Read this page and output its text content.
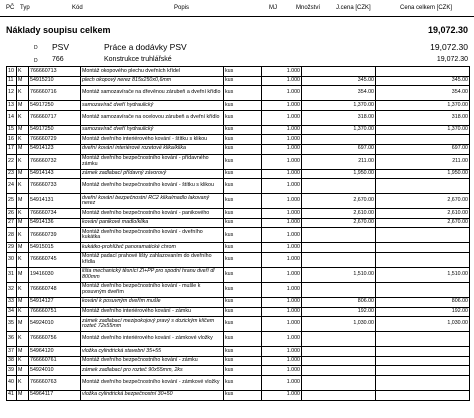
PČ Typ	Kód	Popis	MJ	Množství	J.cena [CZK]	Cena celkem [CZK]
Náklady soupisu celkem	19,072.30
D PSV	Práce a dodávky PSV	19,072.30
D 766	Konstrukce truhlářské	19,072.30
10	K	766660713	Montáž okopového plechu dveřních křídel	kus	1.000		
11	M	54915210	plech okopový nerez 815x250x0,6mm	kus	1.000	345.00	345.00
12	K	766660716	Montáž samozavírače na dřevěnou zárubeň a dveřní křídlo	kus	1.000	354.00	354.00
13	M	54917250	samozavírač dveří hydraulický	kus	1.000	1,370.00	1,370.00
14	K	766660717	Montáž samozavírače na ocelovou zárubeň a dveřní křídlo	kus	1.000	318.00	318.00
15	M	54917250	samozavírač dveří hydraulický	kus	1.000	1,370.00	1,370.00
16	K	766660729	Montáž dveřního interiérového kování - štítku s klikou	kus	1.000		
17	M	54914123	dveřní kování interiérové rozetové klika/klika	kus	1.000	697.00	697.00
22	K	766660732	Montáž dveřního bezpečnostního kování - přídavného zámku	kus	1.000	211.00	211.00
23	M	54914143	zámek zadlabací přídavný závorový	kus	1.000	1,950.00	1,950.00
24	K	766660733	Montáž dveřního bezpečnostního kování - štítku s klikou	kus	1.000		
25	M	54914131	dveřní kování bezpečnostní RC2 klika/madlo lakovaný nerez	kus	1.000	2,670.00	2,670.00
26	K	766660734	Montáž dveřního bezpečnostního kování - panikového	kus	1.000	2,610.00	2,610.00
27	M	54914136	kování panikové madlo/klika	kus	1.000	2,670.00	2,670.00
28	K	766660739	Montáž dveřního bezpečnostního kování - dveřního kukátka	kus	1.000		
29	M	54915015	kukátko-prohlížeč panoramatické chrom	kus	1.000		
30	K	766660745	Montáž padací prahové lišty zahlazovaním do dveřního křídla	kus	1.000		
31	M	19416030	lišta mechanický těsnící ZI+PP pro spodní hranu dveří dl 800mm	kus	1.000	1,510.00	1,510.00
32	K	766660748	Montáž dveřního bezpečnostního kování - mušle k posuvným dveřím	kus	1.000		
33	M	54914127	kování k posuvným dveřím mušle	kus	1.000	806.00	806.00
34	K	766660751	Montáž dveřního interiérového kování - zámku	kus	1.000	192.00	192.00
35	M	54924010	zámek zadlabací mezipokojový pravý s dozickým klíčem rozteč 72x55mm	kus	1.000	1,030.00	1,030.00
36	K	766660756	Montáž dveřního interiérového kování - zámkové vložky	kus	1.000		
37	M	54964120	vložka cylindrická stavební 35+55	kus	1.000		
38	K	766660761	Montáž dveřního bezpečnostního kování - zámku	kus	1.000		
39	M	54924010	zámek zadlabací pro rozteč 90x55mm, 2ks	kus	1.000		
40	K	766660763	Montáž dveřního bezpečnostního kování - zámkové vložky	kus	1.000		
41	M	54964117	vložka cylindrická bezpečnostní 30+50	kus	1.000		
